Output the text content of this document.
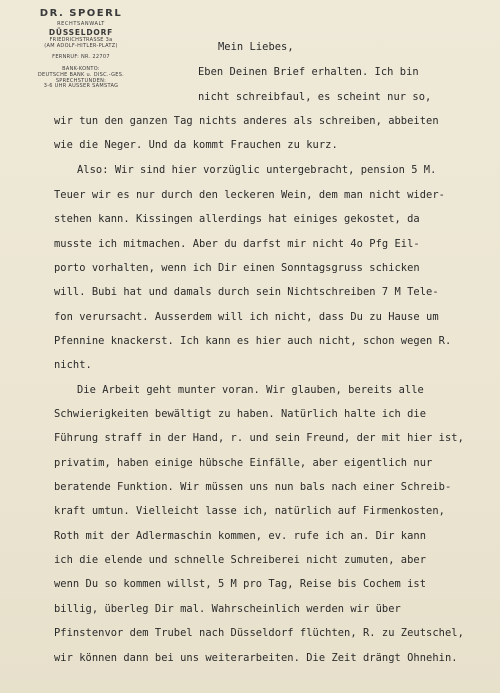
DR. SPOERL
RECHTSANWALT
DÜSSELDORF
FRIEDRICHSTRASSE 3a
(AM ADOLF-HITLER-PLATZ)
FERNRUF: NR. 22707
BANK-KONTO:
DEUTSCHE BANK u. DISC.-GES.
SPRECHSTUNDEN:
3-6 UHR AUSSER SAMSTAG

Mein Liebes,

Eben Deinen Brief erhalten. Ich bin

nicht schreibfaul, es scheint nur so,

wir tun den ganzen Tag nichts anderes als schreiben, abbeiten

wie die Neger. Und da kommt Frauchen zu kurz.

Also: Wir sind hier vorzüglic untergebracht, pension 5 M.

Teuer wir es nur durch den leckeren Wein, dem man nicht wider-

stehen kann. Kissingen allerdings hat einiges gekostet, da

musste ich mitmachen. Aber du darfst mir nicht 4o Pfg Eil-

porto vorhalten, wenn ich Dir einen Sonntagsgruss schicken

will. Bubi hat und damals durch sein Nichtschreiben 7 M Tele-

fon verursacht. Ausserdem will ich nicht, dass Du zu Hause um

Pfennine knackerst. Ich kann es hier auch nicht, schon wegen R.

nicht.

Die Arbeit geht munter voran. Wir glauben, bereits alle

Schwierigkeiten bewältigt zu haben. Natürlich halte ich die

Führung straff in der Hand, r. und sein Freund, der mit hier ist,

privatim, haben einige hübsche Einfälle, aber eigentlich nur

beratende Funktion. Wir müssen uns nun bals nach einer Schreib-

kraft umtun. Vielleicht lasse ich, natürlich auf Firmenkosten,

Roth mit der Adlermaschin kommen, ev. rufe ich an. Dir kann

ich die elende und schnelle Schreiberei nicht zumuten, aber

wenn Du so kommen willst, 5 M pro Tag, Reise bis Cochem ist

billig, überleg Dir mal. Wahrscheinlich werden wir über

Pfinstenvor dem Trubel nach Düsseldorf flüchten, R. zu Zeutschel,

wir können dann bei uns weiterarbeiten. Die Zeit drängt Ohnehin.
